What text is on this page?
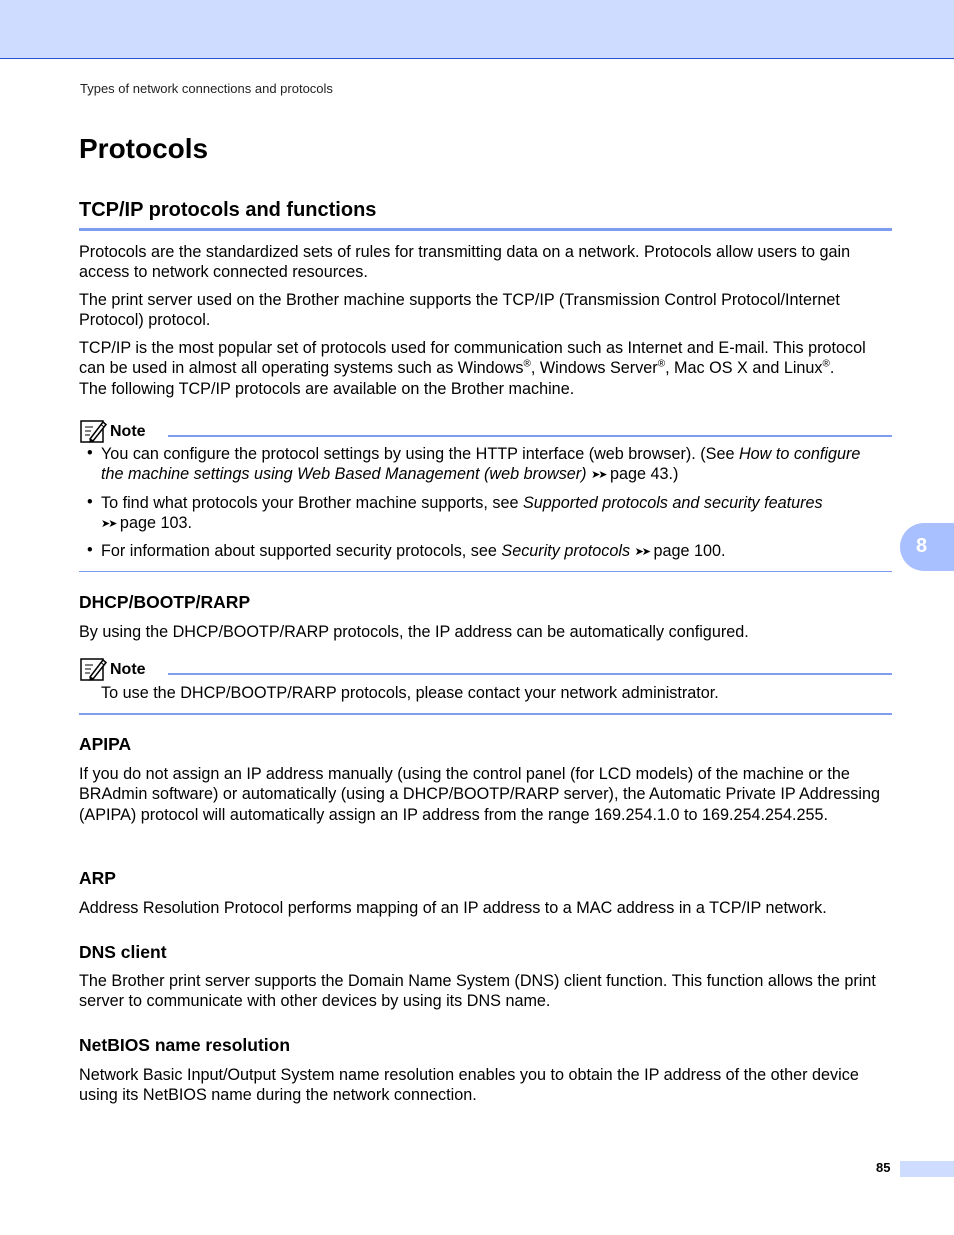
Types of network connections and protocols
Protocols
TCP/IP protocols and functions

Protocols are the standardized sets of rules for transmitting data on a network. Protocols allow users to gain access to network connected resources.

The print server used on the Brother machine supports the TCP/IP (Transmission Control Protocol/Internet Protocol) protocol.

TCP/IP is the most popular set of protocols used for communication such as Internet and E-mail. This protocol
can be used in almost all operating systems such as Windows®, Windows Server®, Mac OS X and Linux®.
The following TCP/IP protocols are available on the Brother machine.

Note
• You can configure the protocol settings by using the HTTP interface (web browser). (See How to configure
the machine settings using Web Based Management (web browser) ➤➤ page 43.)

• To find what protocols your Brother machine supports, see Supported protocols and security features
➤➤ page 103.

• For information about supported security protocols, see Security protocols ➤➤ page 100.

DHCP/BOOTP/RARP

By using the DHCP/BOOTP/RARP protocols, the IP address can be automatically configured.

Note

To use the DHCP/BOOTP/RARP protocols, please contact your network administrator.

APIPA

If you do not assign an IP address manually (using the control panel (for LCD models) of the machine or the BRAdmin software) or automatically (using a DHCP/BOOTP/RARP server), the Automatic Private IP Addressing (APIPA) protocol will automatically assign an IP address from the range 169.254.1.0 to 169.254.254.255.

ARP

Address Resolution Protocol performs mapping of an IP address to a MAC address in a TCP/IP network.

DNS client

The Brother print server supports the Domain Name System (DNS) client function. This function allows the print server to communicate with other devices by using its DNS name.

NetBIOS name resolution

Network Basic Input/Output System name resolution enables you to obtain the IP address of the other device using its NetBIOS name during the network connection.

8
85
